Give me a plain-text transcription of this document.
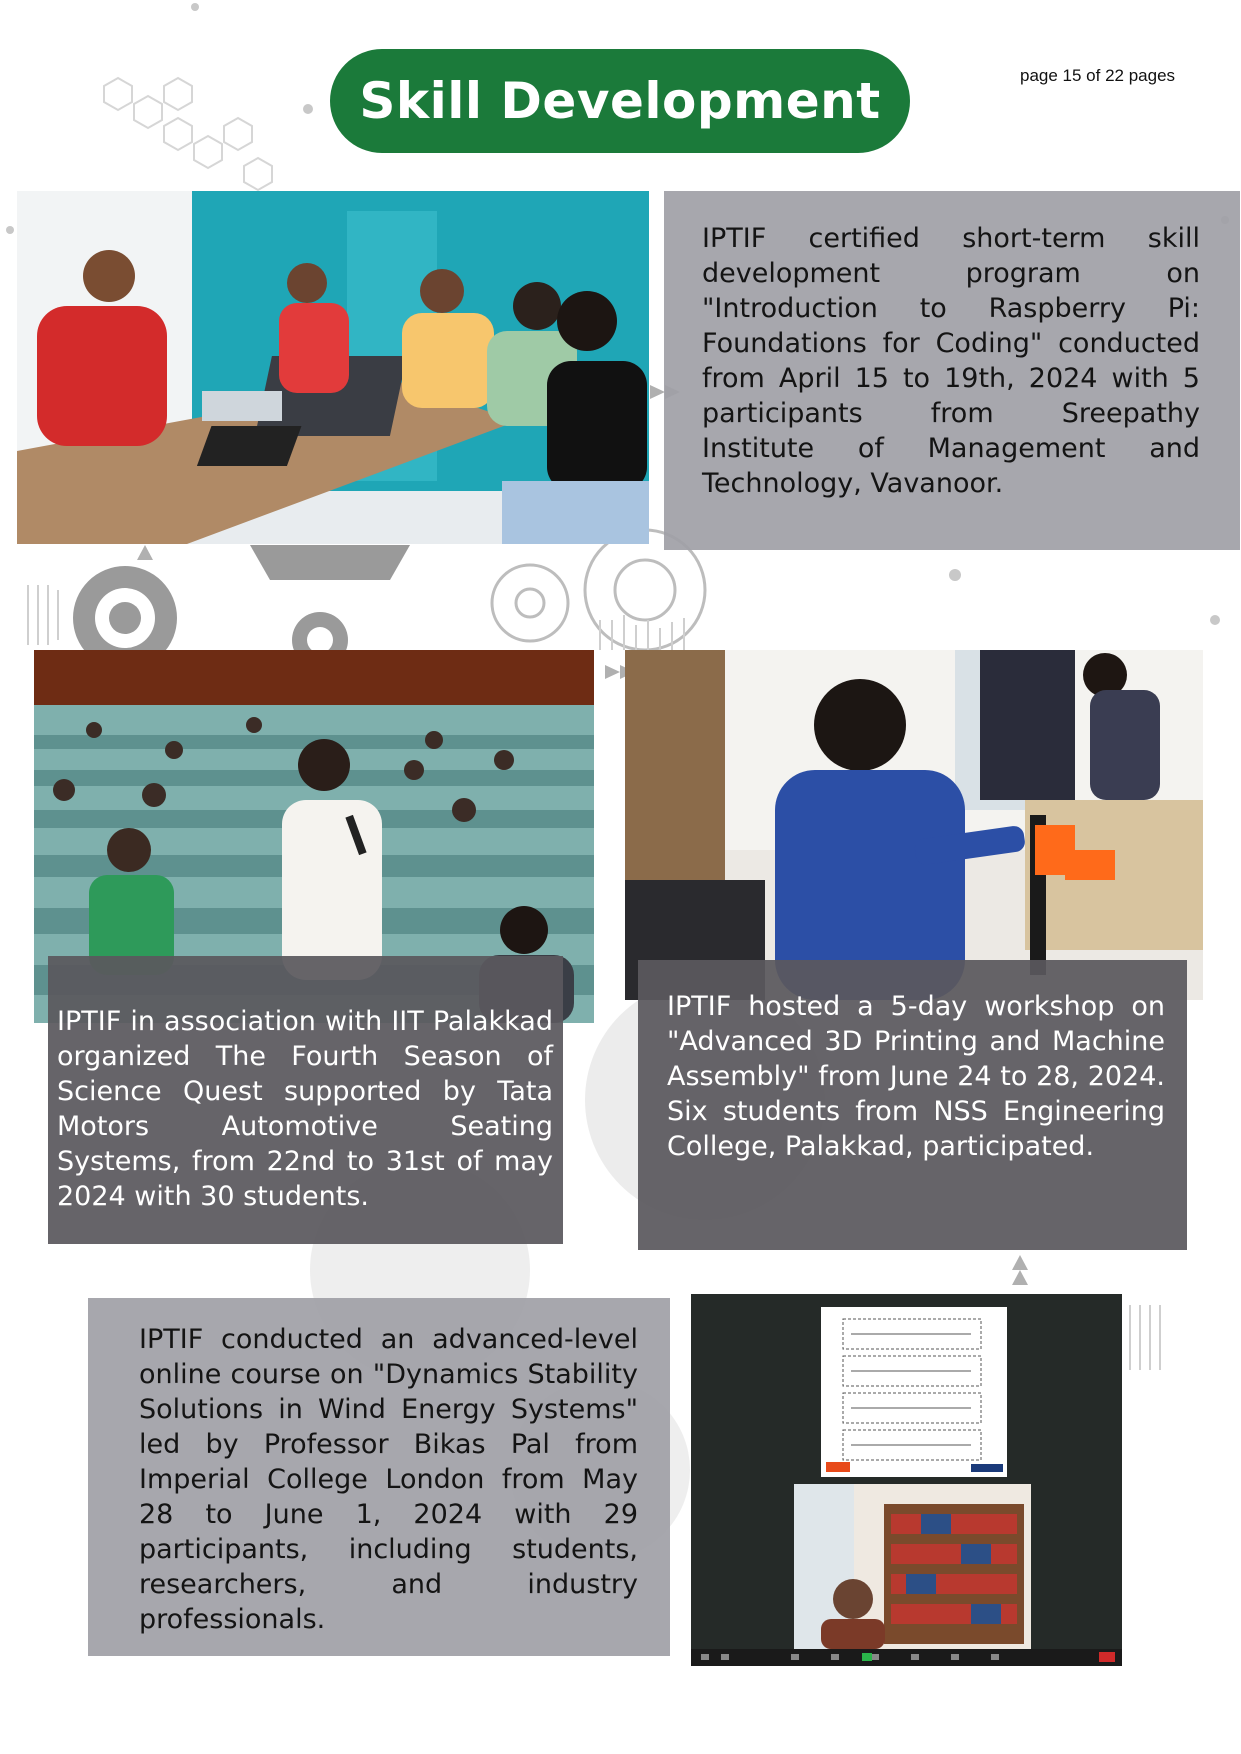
Skill Development	page 15 of 22 pages
IPTIF certified short-term skill development program on "Introduction to Raspberry Pi: Foundations for Coding" conducted from April 15 to 19th, 2024 with 5 participants from Sreepathy Institute of Management and Technology, Vavanoor.
IPTIF in association with IIT Palakkad organized The Fourth Season of Science Quest supported by Tata Motors Automotive Seating Systems, from 22nd to 31st of may 2024 with 30 students.
IPTIF hosted a 5-day workshop on "Advanced 3D Printing and Machine Assembly" from June 24 to 28, 2024. Six students from NSS Engineering College, Palakkad, participated.
IPTIF conducted an advanced-level online course on "Dynamics Stability Solutions in Wind Energy Systems" led by Professor Bikas Pal from Imperial College London from May 28 to June 1, 2024 with 29 participants, including students, researchers, and industry professionals.
